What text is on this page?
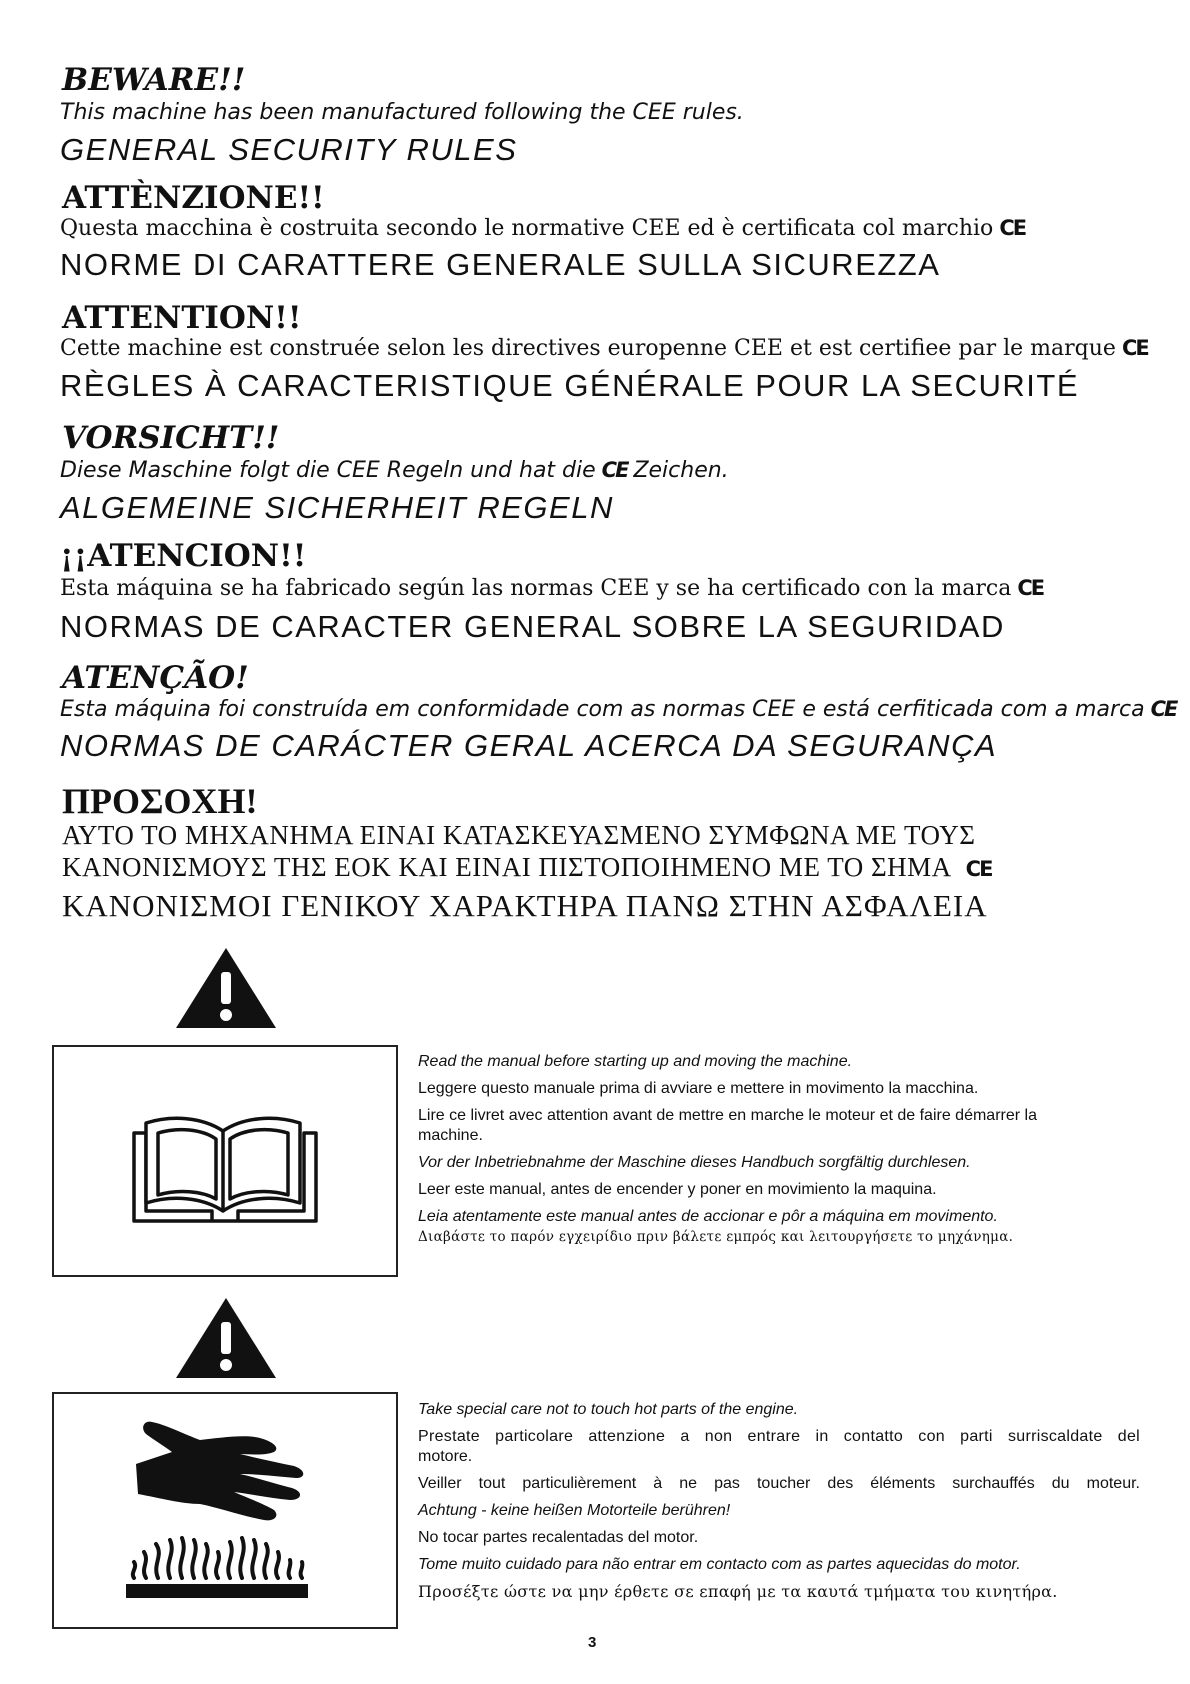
BEWARE!!
This machine has been manufactured following the CEE rules.
GENERAL SECURITY RULES
ATTÈNZIONE!!
Questa macchina è costruita secondo le normative CEE ed è certificata col marchio CE
NORME DI CARATTERE GENERALE SULLA SICUREZZA
ATTENTION!!
Cette machine est construée selon les directives europenne CEE et est certifiee par le marque CE
RÈGLES À CARACTERISTIQUE GÉNÉRALE POUR LA SECURITÉ
VORSICHT!!
Diese Maschine folgt die CEE Regeln und hat die CE Zeichen.
ALGEMEINE SICHERHEIT REGELN
¡¡ATENCION!!
Esta máquina se ha fabricado según las normas CEE y se ha certificado con la marca CE
NORMAS DE CARACTER GENERAL SOBRE LA SEGURIDAD
ATENÇÃO!
Esta máquina foi construída em conformidade com as normas CEE e está cerfiticada com a marca CE
NORMAS DE CARÁCTER GERAL ACERCA DA SEGURANÇA
ΠΡΟΣΟΧΗ!
ΑΥΤΟ ΤΟ ΜΗΧΑΝΗΜΑ ΕΙΝΑΙ ΚΑΤΑΣΚΕΥΑΣΜΕΝΟ ΣΥΜΦΩΝΑ ΜΕ ΤΟΥΣ
ΚΑΝΟΝΙΣΜΟΥΣ ΤΗΣ ΕΟΚ ΚΑΙ ΕΙΝΑΙ ΠΙΣΤΟΠΟΙΗΜΕΝΟ ΜΕ ΤΟ ΣΗΜΑ CE
ΚΑΝΟΝΙΣΜΟΙ ΓΕΝΙΚΟΥ ΧΑΡΑΚΤΗΡΑ ΠΑΝΩ ΣΤΗΝ ΑΣΦΑΛΕΙΑ
Read the manual before starting up and moving the machine.
Leggere questo manuale prima di avviare e mettere in movimento la macchina.
Lire ce livret avec attention avant de mettre en marche le moteur et de faire démarrer la
machine.
Vor der Inbetriebnahme der Maschine dieses Handbuch sorgfältig durchlesen.
Leer este manual, antes de encender y poner en movimiento la maquina.
Leia atentamente este manual antes de accionar e pôr a máquina em movimento.
Διαβάστε το παρόν εγχειρίδιο πριν βάλετε εμπρός και λειτουργήσετε το μηχάνημα.
Take special care not to touch hot parts of the engine.
Prestate particolare attenzione a non entrare in contatto con parti surriscaldate del
motore.
Veiller tout particulièrement à ne pas toucher des éléments surchauffés du moteur.
Achtung - keine heißen Motorteile berühren!
No tocar partes recalentadas del motor.
Tome muito cuidado para não entrar em contacto com as partes aquecidas do motor.
Προσέξτε ώστε να μην έρθετε σε επαφή με τα καυτά τμήματα του κινητήρα.
3
